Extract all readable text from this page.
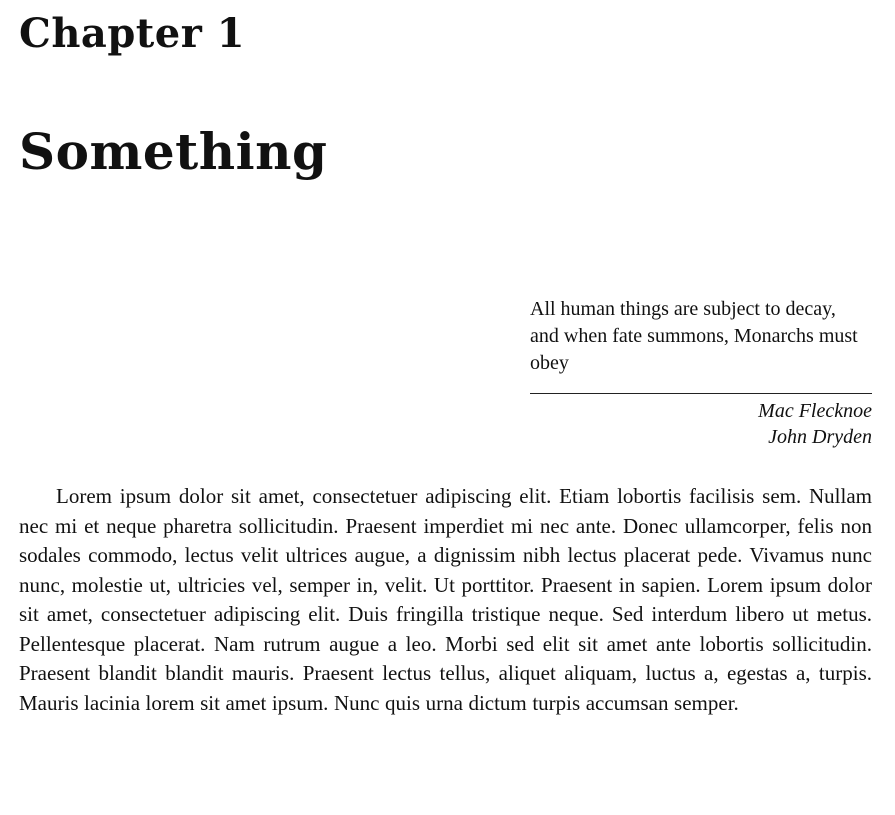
Chapter 1
Something

All human things are subject to decay, and when fate summons, Monarchs must obey

Mac Flecknoe
John Dryden

Lorem ipsum dolor sit amet, consectetuer adipiscing elit. Etiam lobortis facilisis sem. Nullam nec mi et neque pharetra sollicitudin. Praesent imperdiet mi nec ante. Donec ullamcorper, felis non sodales commodo, lectus velit ultrices augue, a dignissim nibh lectus placerat pede. Vivamus nunc nunc, molestie ut, ultricies vel, semper in, velit. Ut porttitor. Praesent in sapien. Lorem ipsum dolor sit amet, consectetuer adipiscing elit. Duis fringilla tristique neque. Sed interdum libero ut metus. Pellentesque placerat. Nam rutrum augue a leo. Morbi sed elit sit amet ante lobortis sollicitudin. Praesent blandit blandit mauris. Praesent lectus tellus, aliquet aliquam, luctus a, egestas a, turpis. Mauris lacinia lorem sit amet ipsum. Nunc quis urna dictum turpis accumsan semper.
